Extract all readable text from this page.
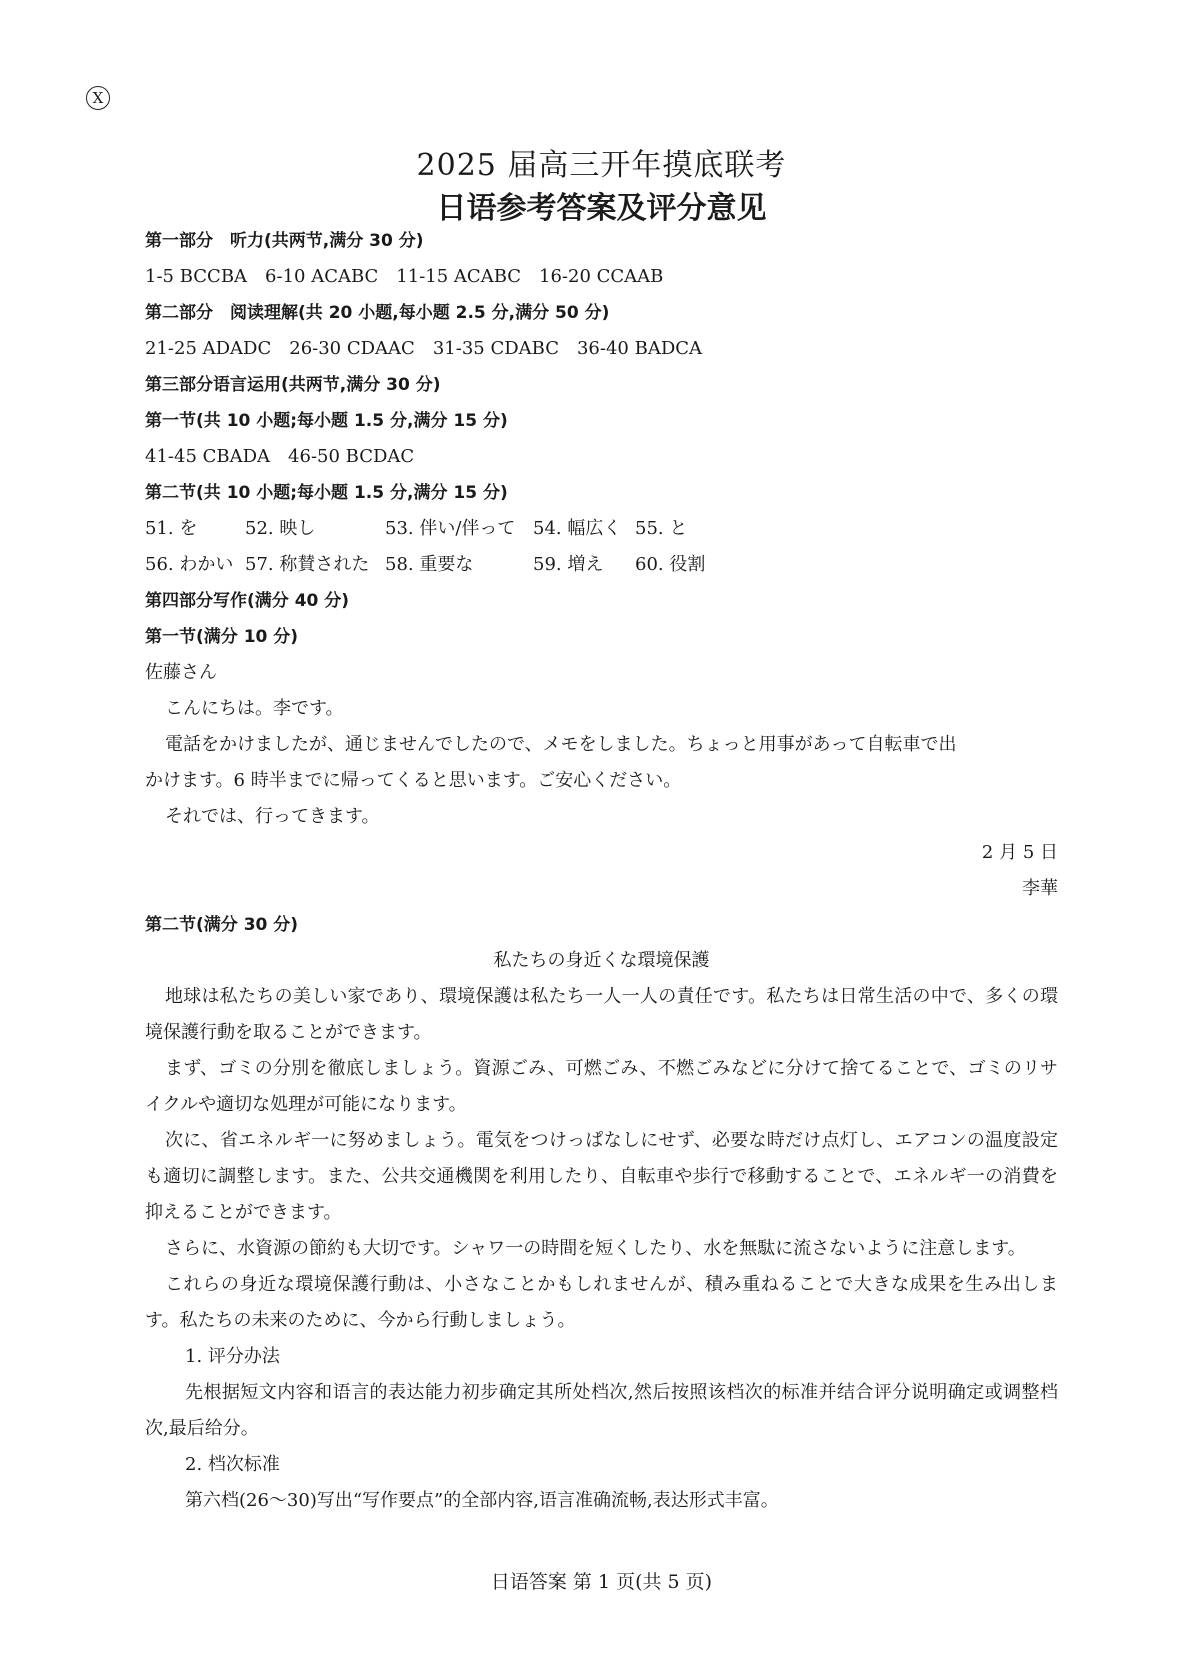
X
2025 届高三开年摸底联考
日语参考答案及评分意见
第一部分　听力(共两节,满分 30 分)
1-5 BCCBA　6-10 ACABC　11-15 ACABC　16-20 CCAAB
第二部分　阅读理解(共 20 小题,每小题 2.5 分,满分 50 分)
21-25 ADADC　26-30 CDAAC　31-35 CDABC　36-40 BADCA
第三部分语言运用(共两节,满分 30 分)
第一节(共 10 小题;每小题 1.5 分,满分 15 分)
41-45 CBADA　46-50 BCDAC
第二节(共 10 小题;每小题 1.5 分,满分 15 分)
51. を	52. 映し	53. 伴い/伴って 54. 幅広く 55. と
56. わかい 57. 称賛された 58. 重要な	59. 増え 60. 役割
第四部分写作(满分 40 分)
第一节(满分 10 分)
佐藤さん
こんにちは。李です。
電話をかけましたが、通じませんでしたので、メモをしました。ちょっと用事があって自転車で出
かけます。6 時半までに帰ってくると思います。ご安心ください。
それでは、行ってきます。
2 月 5 日
李華
第二节(满分 30 分)
私たちの身近くな環境保護
地球は私たちの美しい家であり、環境保護は私たち一人一人の責任です。私たちは日常生活の中で、多くの環境保護行動を取ることができます。
まず、ゴミの分別を徹底しましょう。資源ごみ、可燃ごみ、不燃ごみなどに分けて捨てることで、ゴミのリサイクルや適切な処理が可能になります。
次に、省エネルギ一に努めましょう。電気をつけっぱなしにせず、必要な時だけ点灯し、エアコンの温度設定も適切に調整します。また、公共交通機関を利用したり、自転車や歩行で移動することで、エネルギ一の消費を抑えることができます。
さらに、水資源の節約も大切です。シャワ一の時間を短くしたり、水を無駄に流さないように注意します。
これらの身近な環境保護行動は、小さなことかもしれませんが、積み重ねることで大きな成果を生み出します。私たちの未来のために、今から行動しましょう。
1. 评分办法
先根据短文内容和语言的表达能力初步确定其所处档次,然后按照该档次的标准并结合评分说明确定或调整档次,最后给分。
2. 档次标准
第六档(26～30)写出“写作要点”的全部内容,语言准确流畅,表达形式丰富。
日语答案 第 1 页(共 5 页)
